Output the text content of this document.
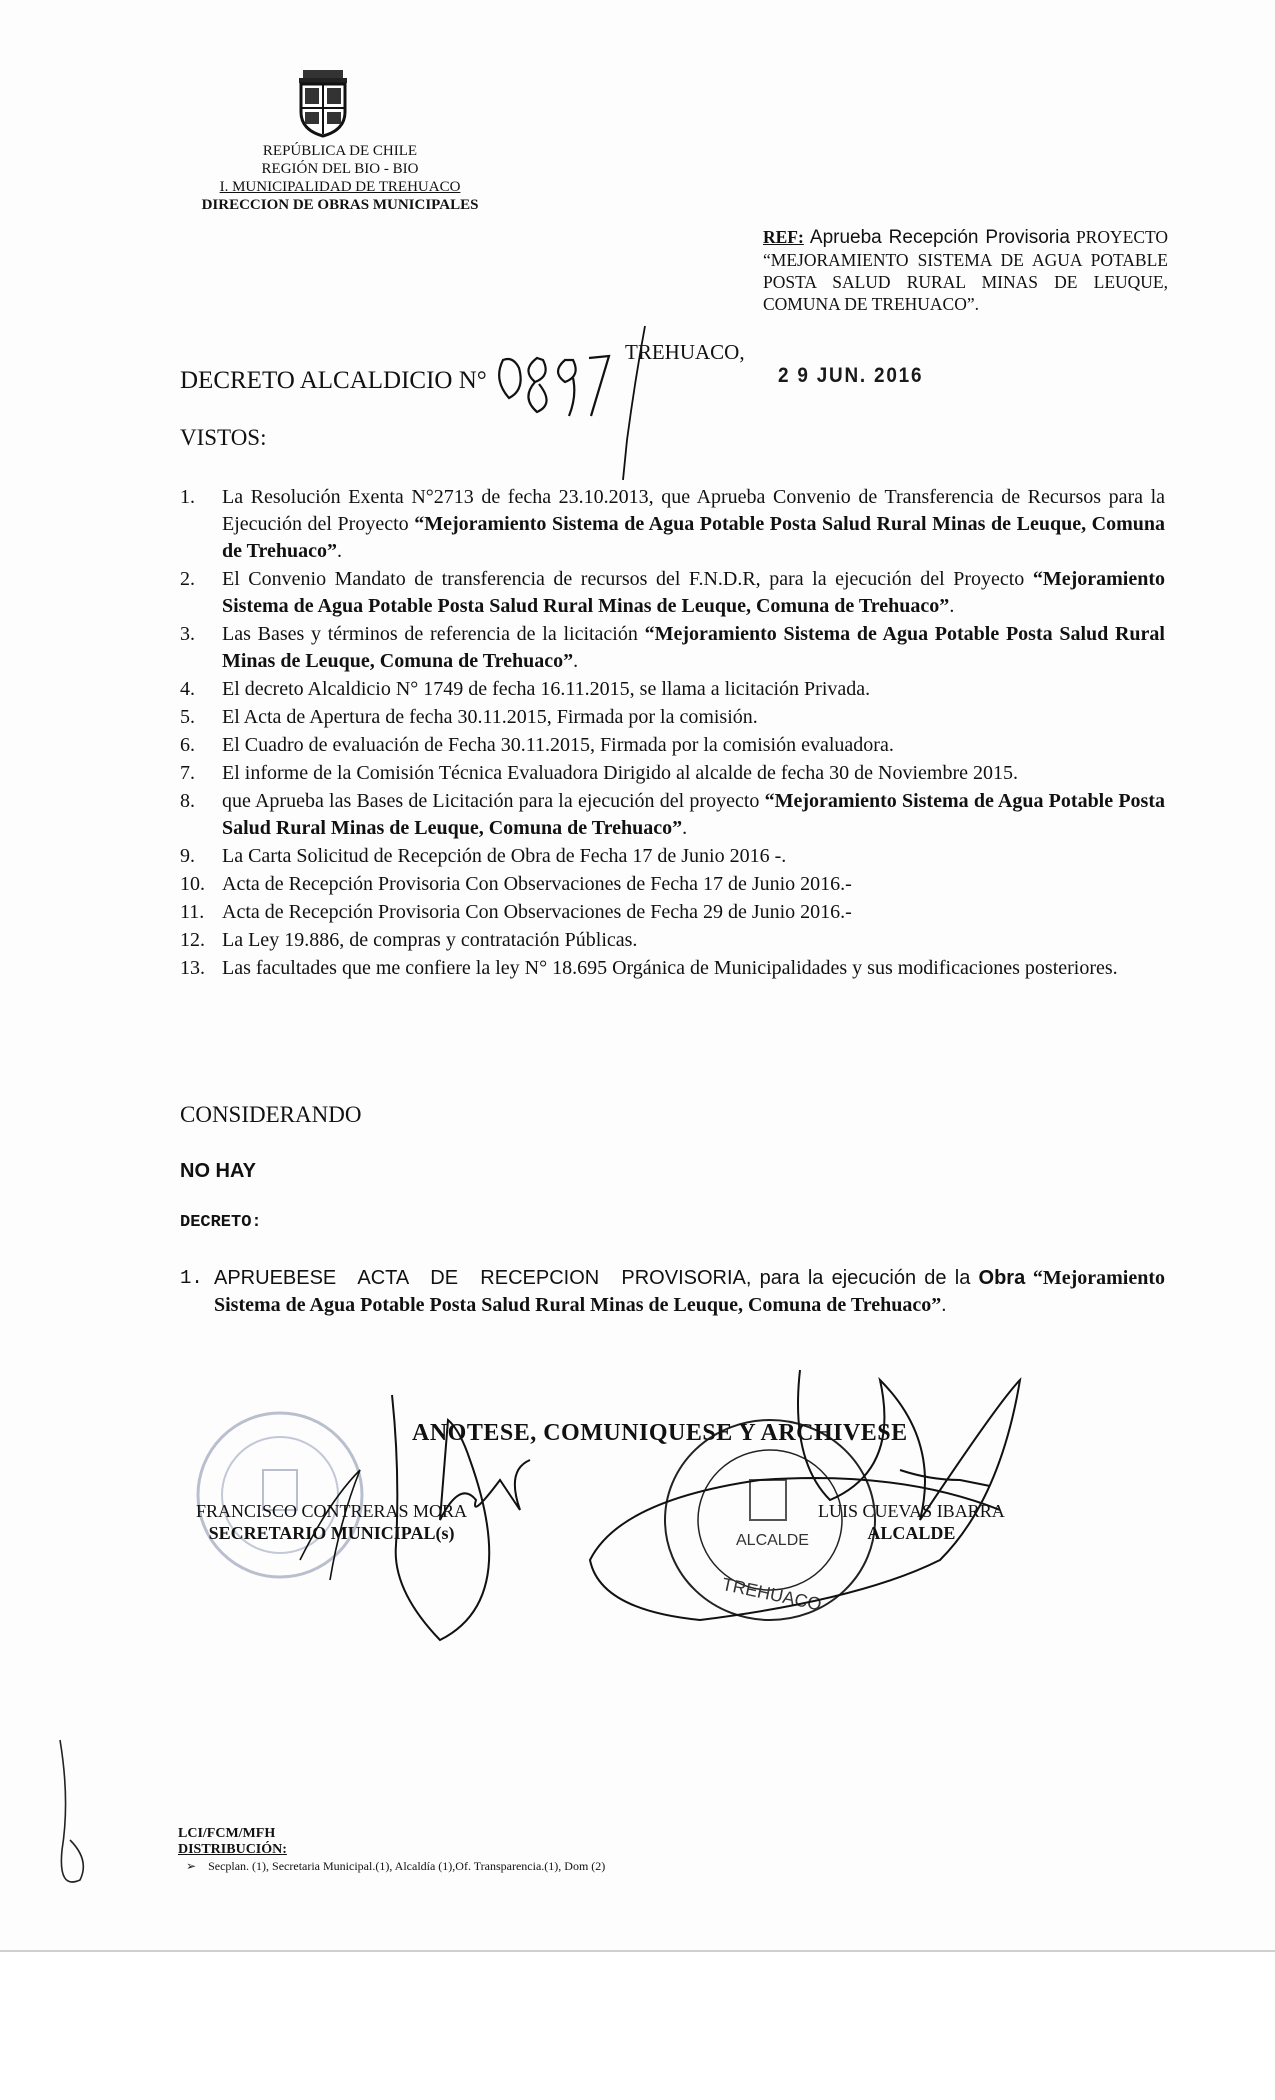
REPÚBLICA DE CHILE
REGIÓN DEL BIO - BIO
I. MUNICIPALIDAD DE TREHUACO
DIRECCION DE OBRAS MUNICIPALES
REF: Aprueba Recepción Provisoria PROYECTO “MEJORAMIENTO SISTEMA DE AGUA POTABLE POSTA SALUD RURAL MINAS DE LEUQUE, COMUNA DE TREHUACO”.
DECRETO ALCALDICIO N°
TREHUACO,
2 9 JUN. 2016
VISTOS:
1.	La Resolución Exenta N°2713 de fecha 23.10.2013, que Aprueba Convenio de Transferencia de Recursos para la Ejecución del Proyecto “Mejoramiento Sistema de Agua Potable Posta Salud Rural Minas de Leuque, Comuna de Trehuaco”.
2.	El Convenio Mandato de transferencia de recursos del F.N.D.R, para la ejecución del Proyecto “Mejoramiento Sistema de Agua Potable Posta Salud Rural Minas de Leuque, Comuna de Trehuaco”.
3.	Las Bases y términos de referencia de la licitación “Mejoramiento Sistema de Agua Potable Posta Salud Rural Minas de Leuque, Comuna de Trehuaco”.
4.	El decreto Alcaldicio N° 1749 de fecha 16.11.2015, se llama a licitación Privada.
5.	El Acta de Apertura de fecha 30.11.2015, Firmada por la comisión.
6.	El Cuadro de evaluación de Fecha 30.11.2015, Firmada por la comisión evaluadora.
7.	El informe de la Comisión Técnica Evaluadora Dirigido al alcalde de fecha 30 de Noviembre 2015.
8.	que Aprueba las Bases de Licitación para la ejecución del proyecto “Mejoramiento Sistema de Agua Potable Posta Salud Rural Minas de Leuque, Comuna de Trehuaco”.
9.	La Carta Solicitud de Recepción de Obra de Fecha 17 de Junio 2016 -.
10. Acta de Recepción Provisoria Con Observaciones de Fecha 17 de Junio 2016.-
11. Acta de Recepción Provisoria Con Observaciones de Fecha 29 de Junio 2016.-
12. La Ley 19.886, de compras y contratación Públicas.
13. Las facultades que me confiere la ley N° 18.695 Orgánica de Municipalidades y sus modificaciones posteriores.
CONSIDERANDO
NO HAY
DECRETO:
1. APRUEBESE ACTA DE RECEPCION PROVISORIA, para la ejecución de la Obra “Mejoramiento Sistema de Agua Potable Posta Salud Rural Minas de Leuque, Comuna de Trehuaco”.
ALCALDE
TREHUACO
ANOTESE, COMUNIQUESE Y ARCHIVESE
FRANCISCO CONTRERAS MORA
SECRETARIO MUNICIPAL(s)
LUIS CUEVAS IBARRA
ALCALDE
LCI/FCM/MFH
DISTRIBUCIÓN:
➢ Secplan. (1), Secretaria Municipal.(1), Alcaldía (1),Of. Transparencia.(1), Dom (2)
